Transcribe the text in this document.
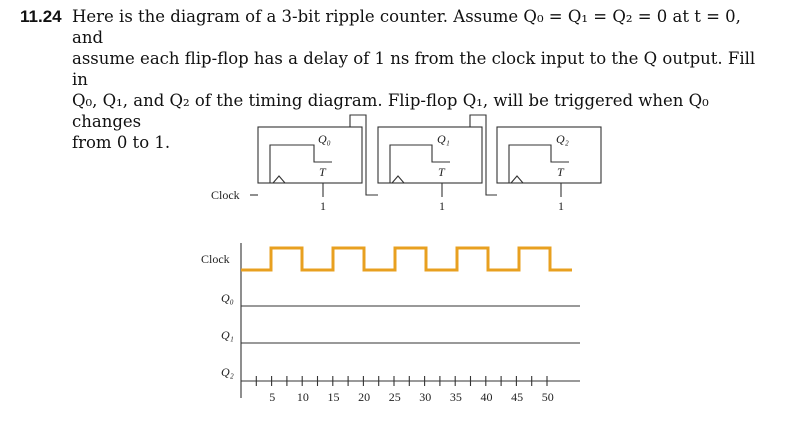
11.24 Here is the diagram of a 3-bit ripple counter. Assume Q₀ = Q₁ = Q₂ = 0 at t = 0, and

assume each flip-flop has a delay of 1 ns from the clock input to the Q output. Fill in

Q₀, Q₁, and Q₂ of the timing diagram. Flip-flop Q₁, will be triggered when Q₀ changes

from 0 to 1.

Clock
Q₀	Q₁	Q₂
T	T	T
1	1	1
Clock
Q₀
Q₁
Q₂
5 10 15 20 25 30 35 40 45 50
